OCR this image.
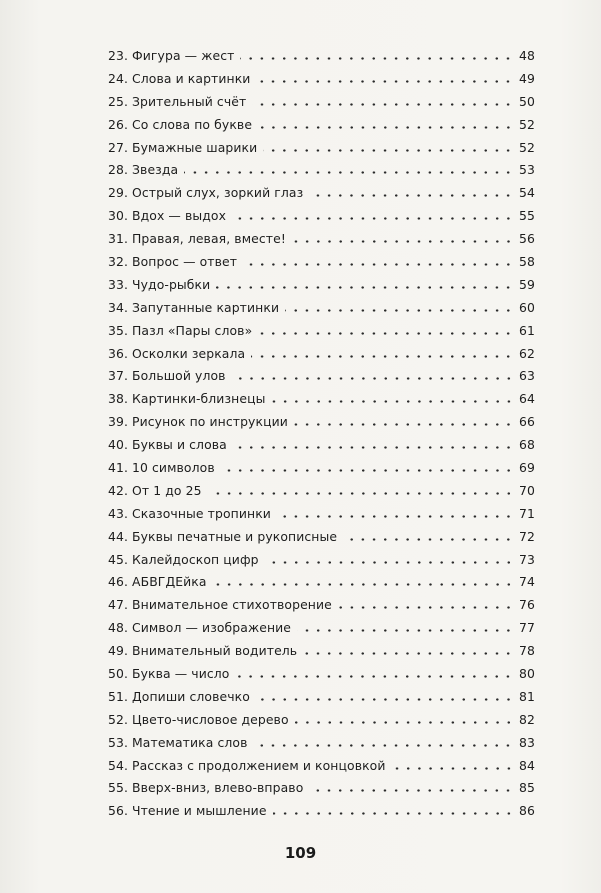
23. Фигура — жест	48
24. Слова и картинки	49
25. Зрительный счёт	50
26. Со слова по букве	52
27. Бумажные шарики	52
28. Звезда	53
29. Острый слух, зоркий глаз	54
30. Вдох — выдох	55
31. Правая, левая, вместе!	56
32. Вопрос — ответ	58
33. Чудо-рыбки	59
34. Запутанные картинки	60
35. Пазл «Пары слов»	61
36. Осколки зеркала	62
37. Большой улов	63
38. Картинки-близнецы	64
39. Рисунок по инструкции	66
40. Буквы и слова	68
41. 10 символов	69
42. От 1 до 25	70
43. Сказочные тропинки	71
44. Буквы печатные и рукописные	72
45. Калейдоскоп цифр	73
46. АБВГДЕйка	74
47. Внимательное стихотворение	76
48. Символ — изображение	77
49. Внимательный водитель	78
50. Буква — число	80
51. Допиши словечко	81
52. Цвето-числовое дерево	82
53. Математика слов	83
54. Рассказ с продолжением и концовкой	84
55. Вверх-вниз, влево-вправо	85
56. Чтение и мышление	86
109
